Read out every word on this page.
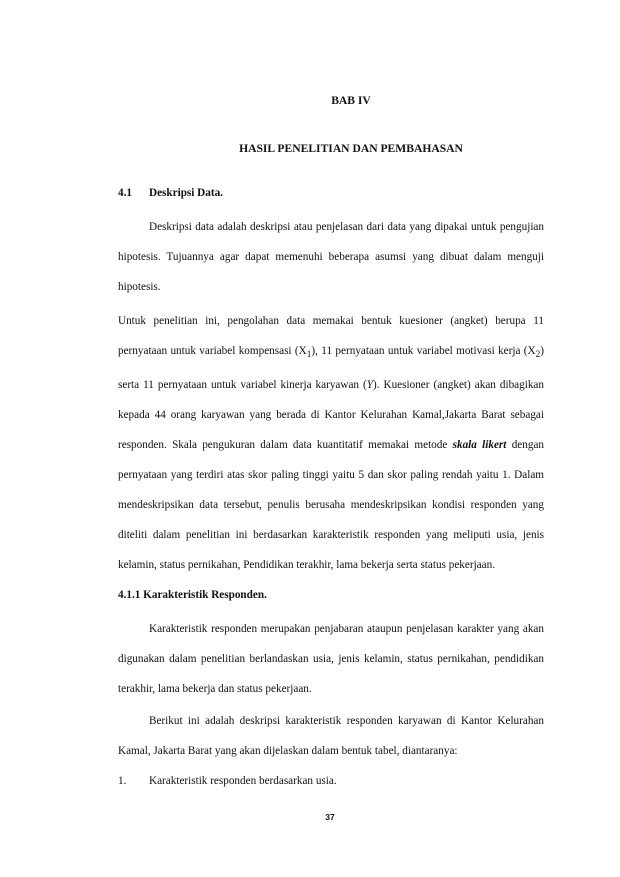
BAB IV
HASIL PENELITIAN DAN PEMBAHASAN
4.1	Deskripsi Data.

Deskripsi data adalah deskripsi atau penjelasan dari data yang dipakai untuk pengujian hipotesis. Tujuannya agar dapat memenuhi beberapa asumsi yang dibuat dalam menguji hipotesis.

Untuk penelitian ini, pengolahan data memakai bentuk kuesioner (angket) berupa 11 pernyataan untuk variabel kompensasi $(X_1)$, 11 pernyataan untuk variabel motivasi kerja $(X_2)$ serta 11 pernyataan untuk variabel kinerja karyawan (Y). Kuesioner (angket) akan dibagikan kepada 44 orang karyawan yang berada di Kantor Kelurahan Kamal,Jakarta Barat sebagai responden. Skala pengukuran dalam data kuantitatif memakai metode skala likert dengan pernyataan yang terdiri atas skor paling tinggi yaitu 5 dan skor paling rendah yaitu 1. Dalam mendeskripsikan data tersebut, penulis berusaha mendeskripsikan kondisi responden yang diteliti dalam penelitian ini berdasarkan karakteristik responden yang meliputi usia, jenis kelamin, status pernikahan, Pendidikan terakhir, lama bekerja serta status pekerjaan.

4.1.1
Karakteristik Responden.

Karakteristik responden merupakan penjabaran ataupun penjelasan karakter yang akan digunakan dalam penelitian berlandaskan usia, jenis kelamin, status pernikahan, pendidikan terakhir, lama bekerja dan status pekerjaan.

Berikut ini adalah deskripsi karakteristik responden karyawan di Kantor Kelurahan Kamal, Jakarta Barat yang akan dijelaskan dalam bentuk tabel, diantaranya:

1.	Karakteristik responden berdasarkan usia.
37
